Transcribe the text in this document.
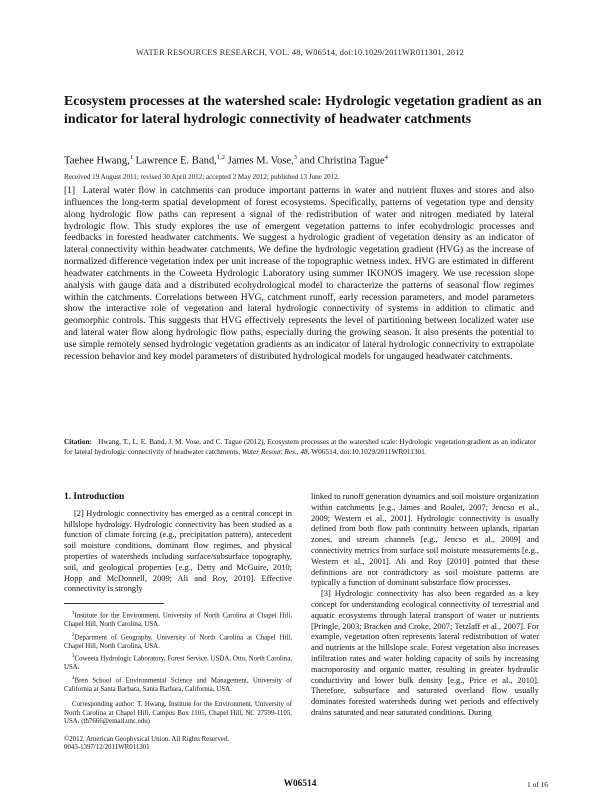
WATER RESOURCES RESEARCH, VOL. 48, W06514, doi:10.1029/2011WR011301, 2012
Ecosystem processes at the watershed scale: Hydrologic vegetation gradient as an indicator for lateral hydrologic connectivity of headwater catchments
Taehee Hwang,$^1$ Lawrence E. Band,$^{1,2}$ James M. Vose,$^3$ and Christina Tague$^4$
Received 19 August 2011; revised 30 April 2012; accepted 2 May 2012; published 13 June 2012.
[1] Lateral water flow in catchments can produce important patterns in water and nutrient fluxes and stores and also influences the long-term spatial development of forest ecosystems. Specifically, patterns of vegetation type and density along hydrologic flow paths can represent a signal of the redistribution of water and nitrogen mediated by lateral hydrologic flow. This study explores the use of emergent vegetation patterns to infer ecohydrologic processes and feedbacks in forested headwater catchments. We suggest a hydrologic gradient of vegetation density as an indicator of lateral connectivity within headwater catchments. We define the hydrologic vegetation gradient (HVG) as the increase of normalized difference vegetation index per unit increase of the topographic wetness index. HVG are estimated in different headwater catchments in the Coweeta Hydrologic Laboratory using summer IKONOS imagery. We use recession slope analysis with gauge data and a distributed ecohydrological model to characterize the patterns of seasonal flow regimes within the catchments. Correlations between HVG, catchment runoff, early recession parameters, and model parameters show the interactive role of vegetation and lateral hydrologic connectivity of systems in addition to climatic and geomorphic controls. This suggests that HVG effectively represents the level of partitioning between localized water use and lateral water flow along hydrologic flow paths, especially during the growing season. It also presents the potential to use simple remotely sensed hydrologic vegetation gradients as an indicator of lateral hydrologic connectivity to extrapolate recession behavior and key model parameters of distributed hydrological models for ungauged headwater catchments.
Citation: Hwang, T., L. E. Band, J. M. Vose, and C. Tague (2012), Ecosystem processes at the watershed scale: Hydrologic vegetation gradient as an indicator for lateral hydrologic connectivity of headwater catchments, Water Resour. Res., 48, W06514, doi:10.1029/2011WR011301.
1. Introduction

[2] Hydrologic connectivity has emerged as a central concept in hillslope hydrology. Hydrologic connectivity has been studied as a function of climate forcing (e.g., precipitation pattern), antecedent soil moisture conditions, dominant flow regimes, and physical properties of watersheds including surface/subsurface topography, soil, and geological properties [e.g., Detty and McGuire, 2010; Hopp and McDonnell, 2009; Ali and Roy, 2010]. Effective connectivity is strongly

$^1$Institute for the Environment, University of North Carolina at Chapel Hill, Chapel Hill, North Carolina, USA.

$^2$Department of Geography, University of North Carolina at Chapel Hill, Chapel Hill, North Carolina, USA.

$^3$Coweeta Hydrologic Laboratory, Forest Service, USDA, Otto, North Carolina, USA.

$^4$Bren School of Environmental Science and Management, University of California at Santa Barbara, Santa Barbara, California, USA.

Corresponding author: T. Hwang, Institute for the Environment, University of North Carolina at Chapel Hill, Campus Box 1105, Chapel Hill, NC 27599-1105, USA. (th7666@email.unc.edu)
©2012. American Geophysical Union. All Rights Reserved.
0043-1397/12/2011WR011301

linked to runoff generation dynamics and soil moisture organization within catchments [e.g., James and Roulet, 2007; Jencso et al., 2009; Western et al., 2001]. Hydrologic connectivity is usually defined from both flow path continuity between uplands, riparian zones, and stream channels [e.g., Jencso et al., 2009] and connectivity metrics from surface soil moisture measurements [e.g., Western et al., 2001]. Ali and Roy [2010] pointed that these definitions are not contradictory as soil moisture patterns are typically a function of dominant subsurface flow processes.

[3] Hydrologic connectivity has also been regarded as a key concept for understanding ecological connectivity of terrestrial and aquatic ecosystems through lateral transport of water or nutrients [Pringle, 2003; Bracken and Croke, 2007; Tetzlaff et al., 2007]. For example, vegetation often represents lateral redistribution of water and nutrients at the hillslope scale. Forest vegetation also increases infiltration rates and water holding capacity of soils by increasing macroporosity and organic matter, resulting in greater hydraulic conductivity and lower bulk density [e.g., Price et al., 2010]. Therefore, subsurface and saturated overland flow usually dominates forested watersheds during wet periods and effectively drains saturated and near saturated conditions. During

W06514	1 of 16
